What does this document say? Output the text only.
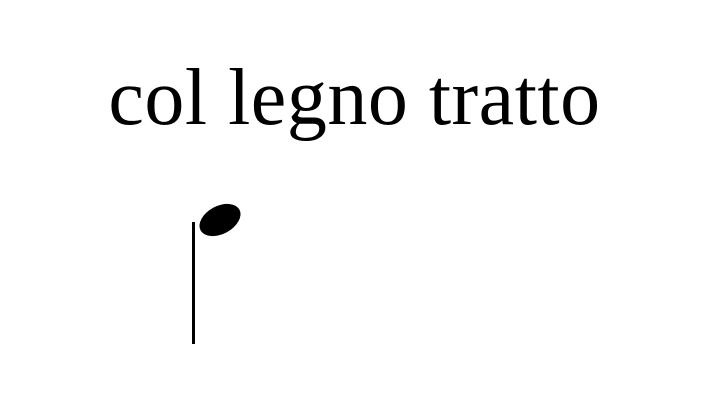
col legno tratto
